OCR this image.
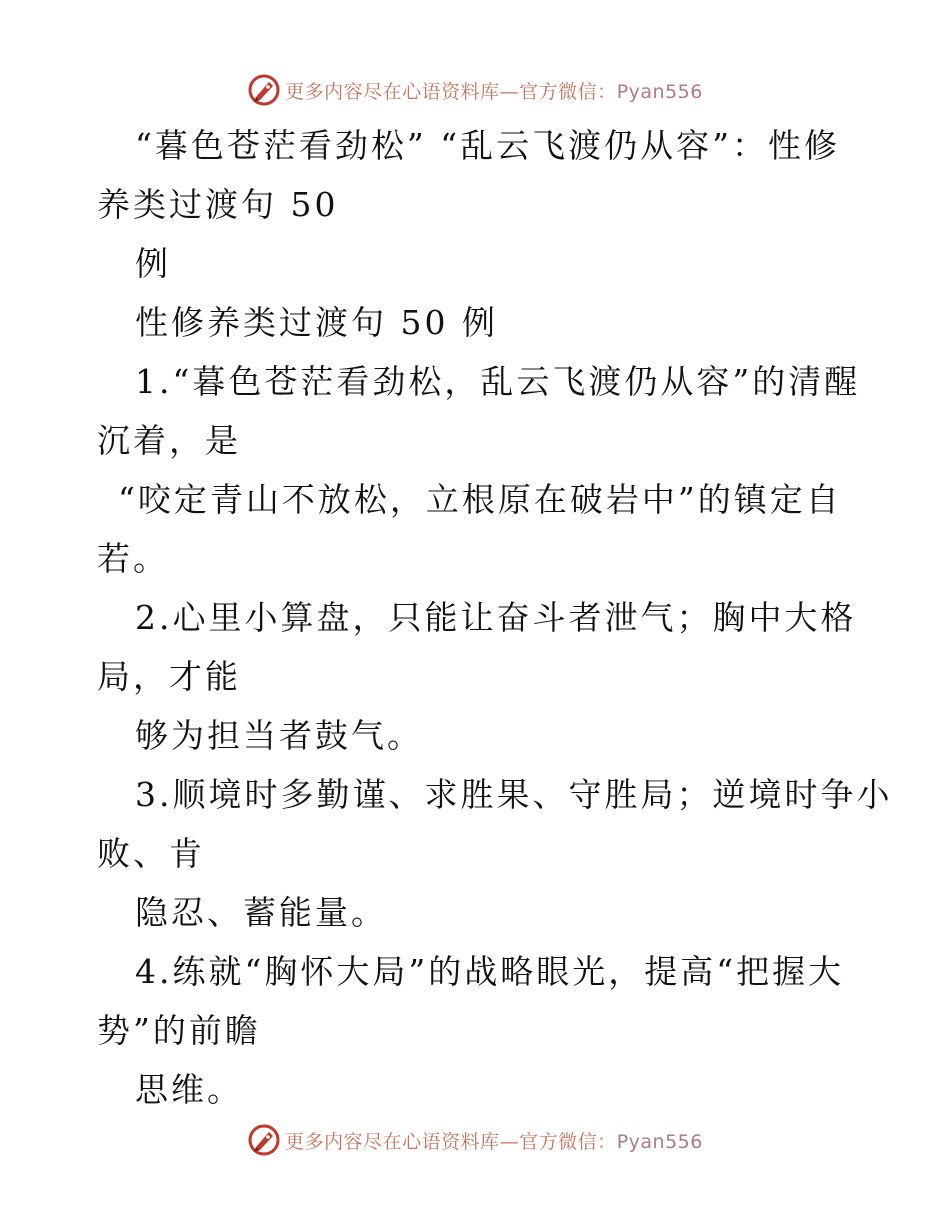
更多内容尽在心语资料库—官方微信：Pyan556
“暮色苍茫看劲松” “乱云飞渡仍从容”：性修
养类过渡句 50
例
性修养类过渡句 50 例
1.“暮色苍茫看劲松，乱云飞渡仍从容”的清醒
沉着，是
“咬定青山不放松，立根原在破岩中”的镇定自
若。
2.心里小算盘，只能让奋斗者泄气；胸中大格
局，才能
够为担当者鼓气。
3.顺境时多勤谨、求胜果、守胜局；逆境时争小
败、肯
隐忍、蓄能量。
4.练就“胸怀大局”的战略眼光，提高“把握大
势”的前瞻
思维。
更多内容尽在心语资料库—官方微信：Pyan556
